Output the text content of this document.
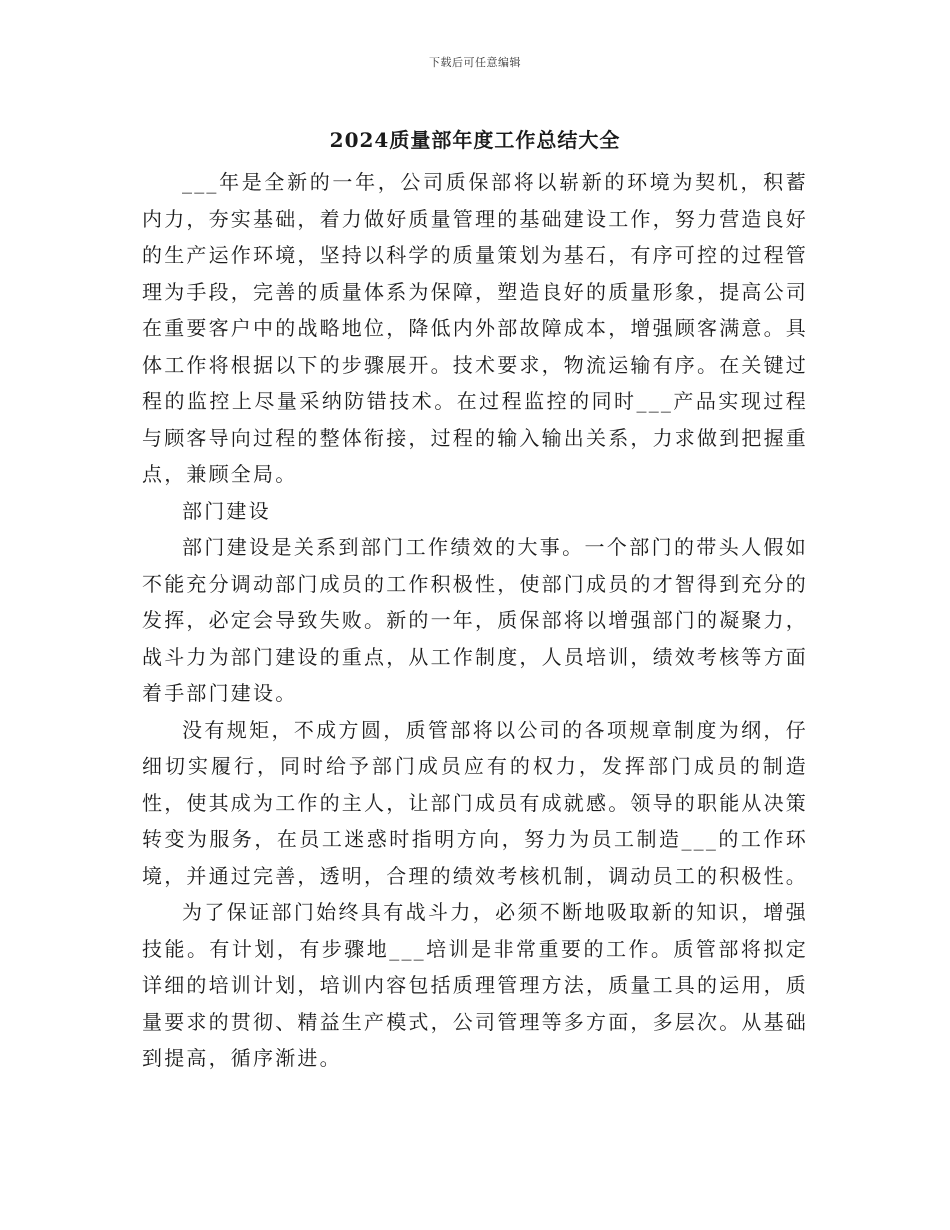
下载后可任意编辑
2024质量部年度工作总结大全

___年是全新的一年，公司质保部将以崭新的环境为契机，积蓄内力，夯实基础，着力做好质量管理的基础建设工作，努力营造良好的生产运作环境，坚持以科学的质量策划为基石，有序可控的过程管理为手段，完善的质量体系为保障，塑造良好的质量形象，提高公司在重要客户中的战略地位，降低内外部故障成本，增强顾客满意。具体工作将根据以下的步骤展开。技术要求，物流运输有序。在关键过程的监控上尽量采纳防错技术。在过程监控的同时___产品实现过程与顾客导向过程的整体衔接，过程的输入输出关系，力求做到把握重点，兼顾全局。

部门建设

部门建设是关系到部门工作绩效的大事。一个部门的带头人假如不能充分调动部门成员的工作积极性，使部门成员的才智得到充分的发挥，必定会导致失败。新的一年，质保部将以增强部门的凝聚力，战斗力为部门建设的重点，从工作制度，人员培训，绩效考核等方面着手部门建设。

没有规矩，不成方圆，质管部将以公司的各项规章制度为纲，仔细切实履行，同时给予部门成员应有的权力，发挥部门成员的制造性，使其成为工作的主人，让部门成员有成就感。领导的职能从决策转变为服务，在员工迷惑时指明方向，努力为员工制造___的工作环境，并通过完善，透明，合理的绩效考核机制，调动员工的积极性。

为了保证部门始终具有战斗力，必须不断地吸取新的知识，增强技能。有计划，有步骤地___培训是非常重要的工作。质管部将拟定详细的培训计划，培训内容包括质理管理方法，质量工具的运用，质量要求的贯彻、精益生产模式，公司管理等多方面，多层次。从基础到提高，循序渐进。
